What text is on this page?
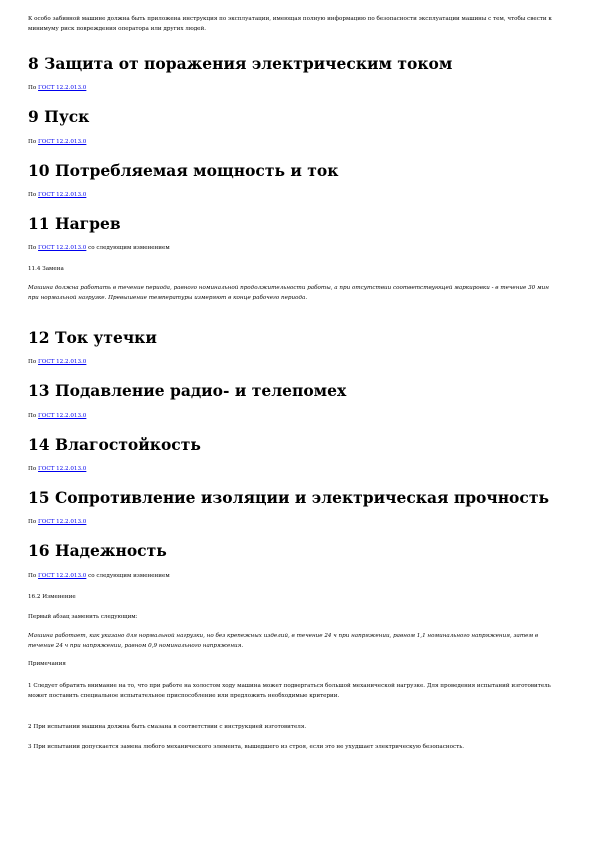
К особо забивной машине должна быть приложена инструкция по эксплуатации, имеющая полную информацию по безопасности эксплуатации машины с тем, чтобы свести к минимуму риск повреждения оператора или других людей.

8 Защита от поражения электрическим током

По ГОСТ 12.2.013.0

9 Пуск

По ГОСТ 12.2.013.0

10 Потребляемая мощность и ток

По ГОСТ 12.2.013.0

11 Нагрев

По ГОСТ 12.2.013.0 со следующим изменением

11.4 Замена

Машина должна работать в течение периода, равного номинальной продолжительности работы, а при отсутствии соответствующей маркировки - в течение 30 мин при нормальной нагрузке. Превышение температуры измеряют в конце рабочего периода.

12 Ток утечки

По ГОСТ 12.2.013.0

13 Подавление радио- и телепомех

По ГОСТ 12.2.013.0

14 Влагостойкость

По ГОСТ 12.2.013.0

15 Сопротивление изоляции и электрическая прочность

По ГОСТ 12.2.013.0

16 Надежность

По ГОСТ 12.2.013.0 со следующим изменением

16.2 Изменение

Первый абзац заменить следующим:

Машина работает, как указано для нормальной нагрузки, но без крепежных изделий, в течение 24 ч при напряжении, равном 1,1 номинального напряжения, затем в течение 24 ч при напряжении, равном 0,9 номинального напряжения.

Примечания

1 Следует обратить внимание на то, что при работе на холостом ходу машина может подвергаться большой механической нагрузке. Для проведения испытаний изготовитель может поставить специальное испытательное приспособление или предложить необходимые критерии.

2 При испытании машина должна быть смазана в соответствии с инструкцией изготовителя.

3 При испытании допускается замена любого механического элемента, вышедшего из строя, если это не ухудшает электрическую безопасность.
